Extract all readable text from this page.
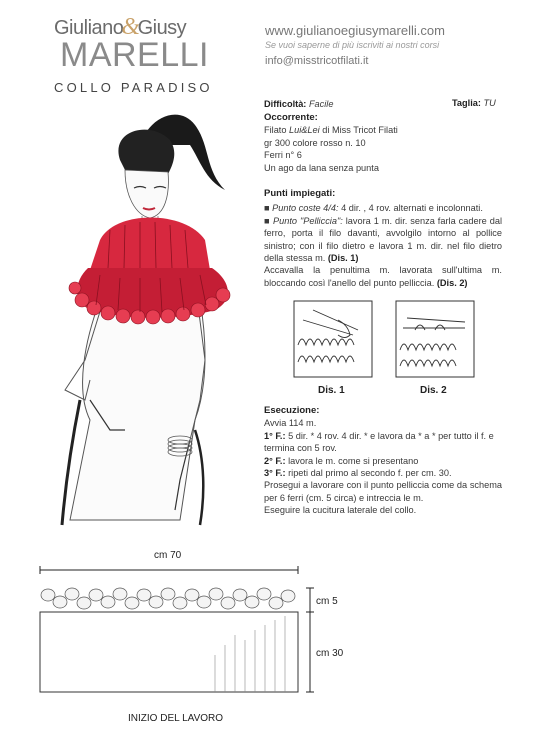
Giuliano&Giusy
MARELLI
COLLO PARADISO
www.giulianoegiusymarelli.com
Se vuoi saperne di più iscriviti ai nostri corsi
info@misstricotfilati.it
Difficoltà: Facile	Taglia: TU
Occorrente:
Filato Lui&Lei di Miss Tricot Filati
gr 300 colore rosso n. 10
Ferri n° 6
Un ago da lana senza punta
Punti impiegati:
■ Punto coste 4/4: 4 dir. , 4 rov. alternati e incolonnati.
■ Punto "Pelliccia": lavora 1 m. dir. senza farla cadere dal ferro, porta il filo davanti, avvolgilo intorno al pollice sinistro; con il filo dietro e lavora 1 m. dir. nel filo dietro della stessa m. (Dis. 1)
Accavalla la penultima m. lavorata sull'ultima m. bloccando così l'anello del punto pelliccia. (Dis. 2)
Dis. 1	Dis. 2
Esecuzione:
Avvia 114 m.
1° F.: 5 dir. * 4 rov. 4 dir. * e lavora da * a * per tutto il f. e termina con 5 rov.
2° F.: lavora le m. come si presentano
3° F.: ripeti dal primo al secondo f. per cm. 30.
Prosegui a lavorare con il punto pelliccia come da schema per 6 ferri (cm. 5 circa) e intreccia le m.
Eseguire la cucitura laterale del collo.
cm 70
cm 5
cm 30
INIZIO DEL LAVORO
